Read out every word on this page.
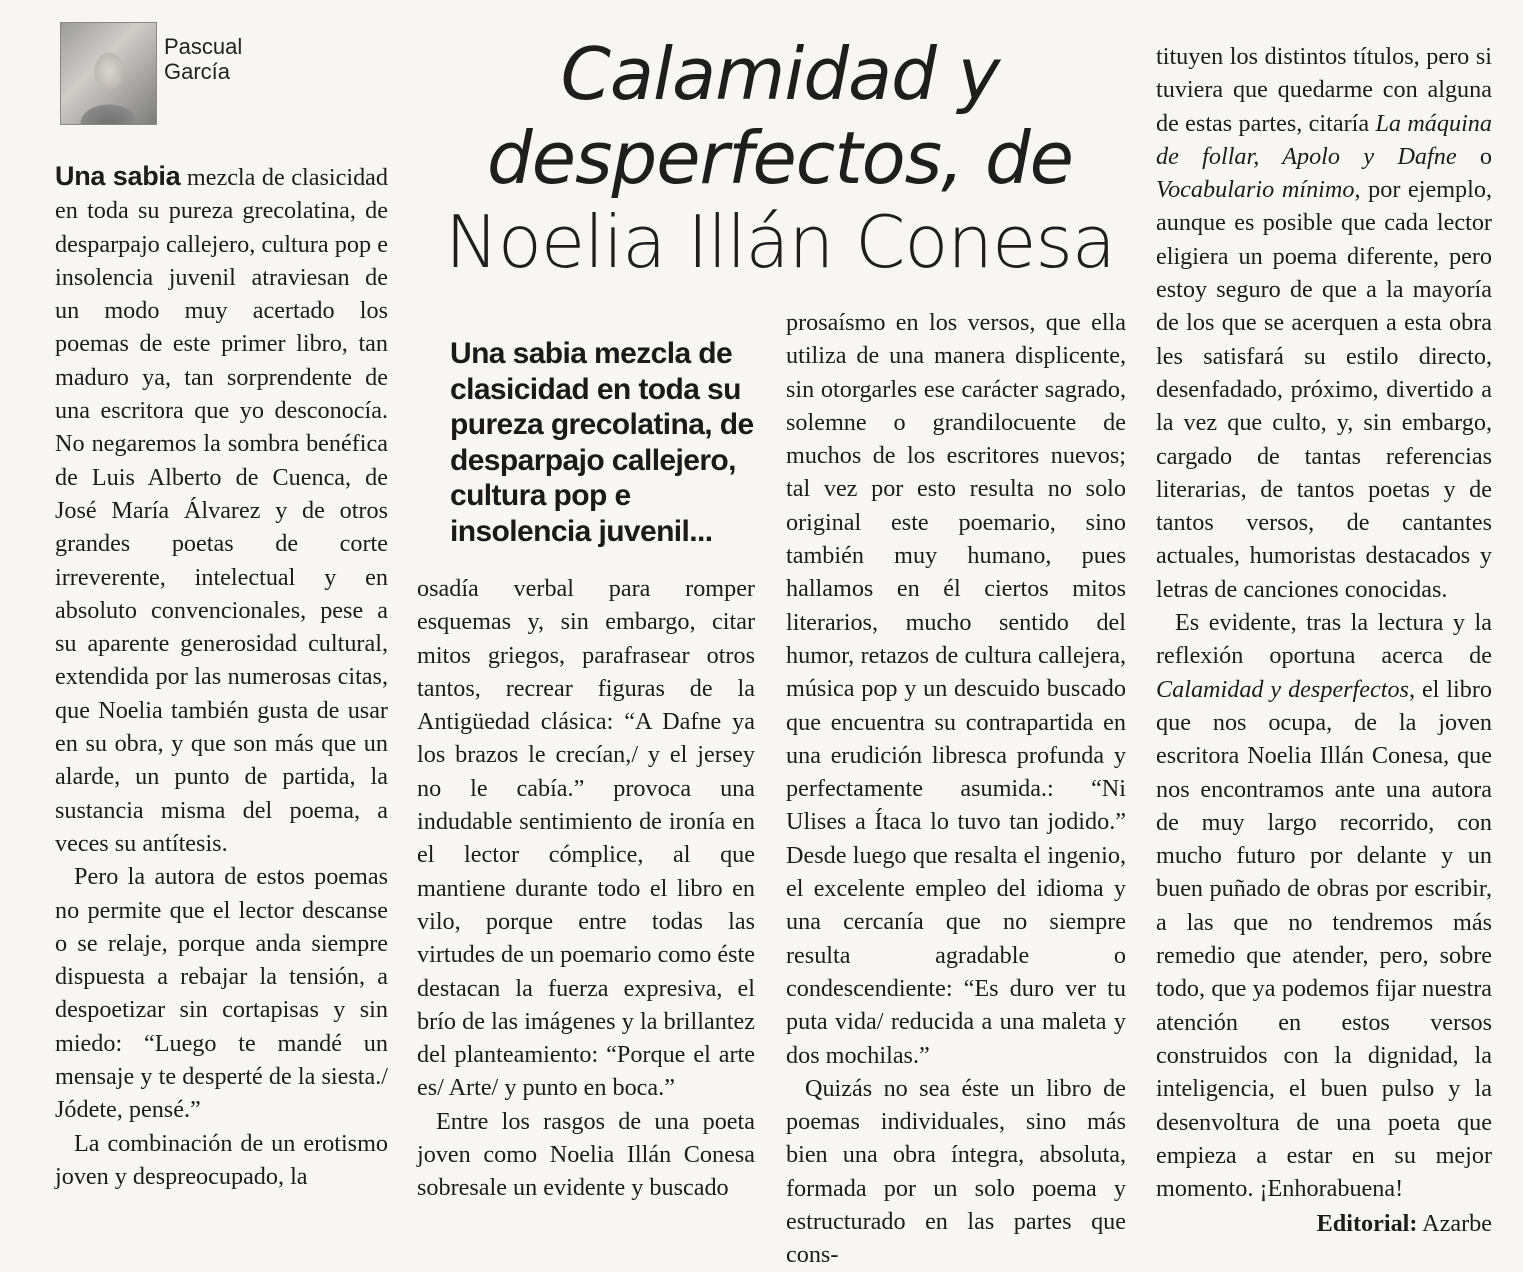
Pascual
García	Calamidad y
desperfectos, de
Noelia Illán Conesa
Una sabia mezcla de clasicidad en toda su pureza grecolatina, de desparpajo callejero, cultura pop e insolencia juvenil...

Una sabia mezcla de clasicidad en toda su pureza grecolatina, de desparpajo callejero, cultura pop e insolencia juvenil atraviesan de un modo muy acertado los poemas de este primer libro, tan maduro ya, tan sorprendente de una escritora que yo desconocía. No negaremos la sombra benéfica de Luis Alberto de Cuenca, de José María Álvarez y de otros grandes poetas de corte irreverente, intelectual y en absoluto convencionales, pese a su aparente generosidad cultural, extendida por las numerosas citas, que Noelia también gusta de usar en su obra, y que son más que un alarde, un punto de partida, la sustancia misma del poema, a veces su antítesis.

Pero la autora de estos poemas no permite que el lector descanse o se relaje, porque anda siempre dispuesta a rebajar la tensión, a despoetizar sin cortapisas y sin miedo: “Luego te mandé un mensaje y te desperté de la siesta./ Jódete, pensé.”

La combinación de un erotismo joven y despreocupado, la

osadía verbal para romper esquemas y, sin embargo, citar mitos griegos, parafrasear otros tantos, recrear figuras de la Antigüedad clásica: “A Dafne ya los brazos le crecían,/ y el jersey no le cabía.” provoca una indudable sentimiento de ironía en el lector cómplice, al que mantiene durante todo el libro en vilo, porque entre todas las virtudes de un poemario como éste destacan la fuerza expresiva, el brío de las imágenes y la brillantez del planteamiento: “Porque el arte es/ Arte/ y punto en boca.”

Entre los rasgos de una poeta joven como Noelia Illán Conesa sobresale un evidente y buscado

prosaísmo en los versos, que ella utiliza de una manera displicente, sin otorgarles ese carácter sagrado, solemne o grandilocuente de muchos de los escritores nuevos; tal vez por esto resulta no solo original este poemario, sino también muy humano, pues hallamos en él ciertos mitos literarios, mucho sentido del humor, retazos de cultura callejera, música pop y un descuido buscado que encuentra su contrapartida en una erudición libresca profunda y perfectamente asumida.: “Ni Ulises a Ítaca lo tuvo tan jodido.” Desde luego que resalta el ingenio, el excelente empleo del idioma y una cercanía que no siempre resulta agradable o condescendiente: “Es duro ver tu puta vida/ reducida a una maleta y dos mochilas.”

Quizás no sea éste un libro de poemas individuales, sino más bien una obra íntegra, absoluta, formada por un solo poema y estructurado en las partes que cons-

tituyen los distintos títulos, pero si tuviera que quedarme con alguna de estas partes, citaría La máquina de follar, Apolo y Dafne o Vocabulario mínimo, por ejemplo, aunque es posible que cada lector eligiera un poema diferente, pero estoy seguro de que a la mayoría de los que se acerquen a esta obra les satisfará su estilo directo, desenfadado, próximo, divertido a la vez que culto, y, sin embargo, cargado de tantas referencias literarias, de tantos poetas y de tantos versos, de cantantes actuales, humoristas destacados y letras de canciones conocidas.

Es evidente, tras la lectura y la reflexión oportuna acerca de Calamidad y desperfectos, el libro que nos ocupa, de la joven escritora Noelia Illán Conesa, que nos encontramos ante una autora de muy largo recorrido, con mucho futuro por delante y un buen puñado de obras por escribir, a las que no tendremos más remedio que atender, pero, sobre todo, que ya podemos fijar nuestra atención en estos versos construidos con la dignidad, la inteligencia, el buen pulso y la desenvoltura de una poeta que empieza a estar en su mejor momento. ¡Enhorabuena!

Editorial: Azarbe
